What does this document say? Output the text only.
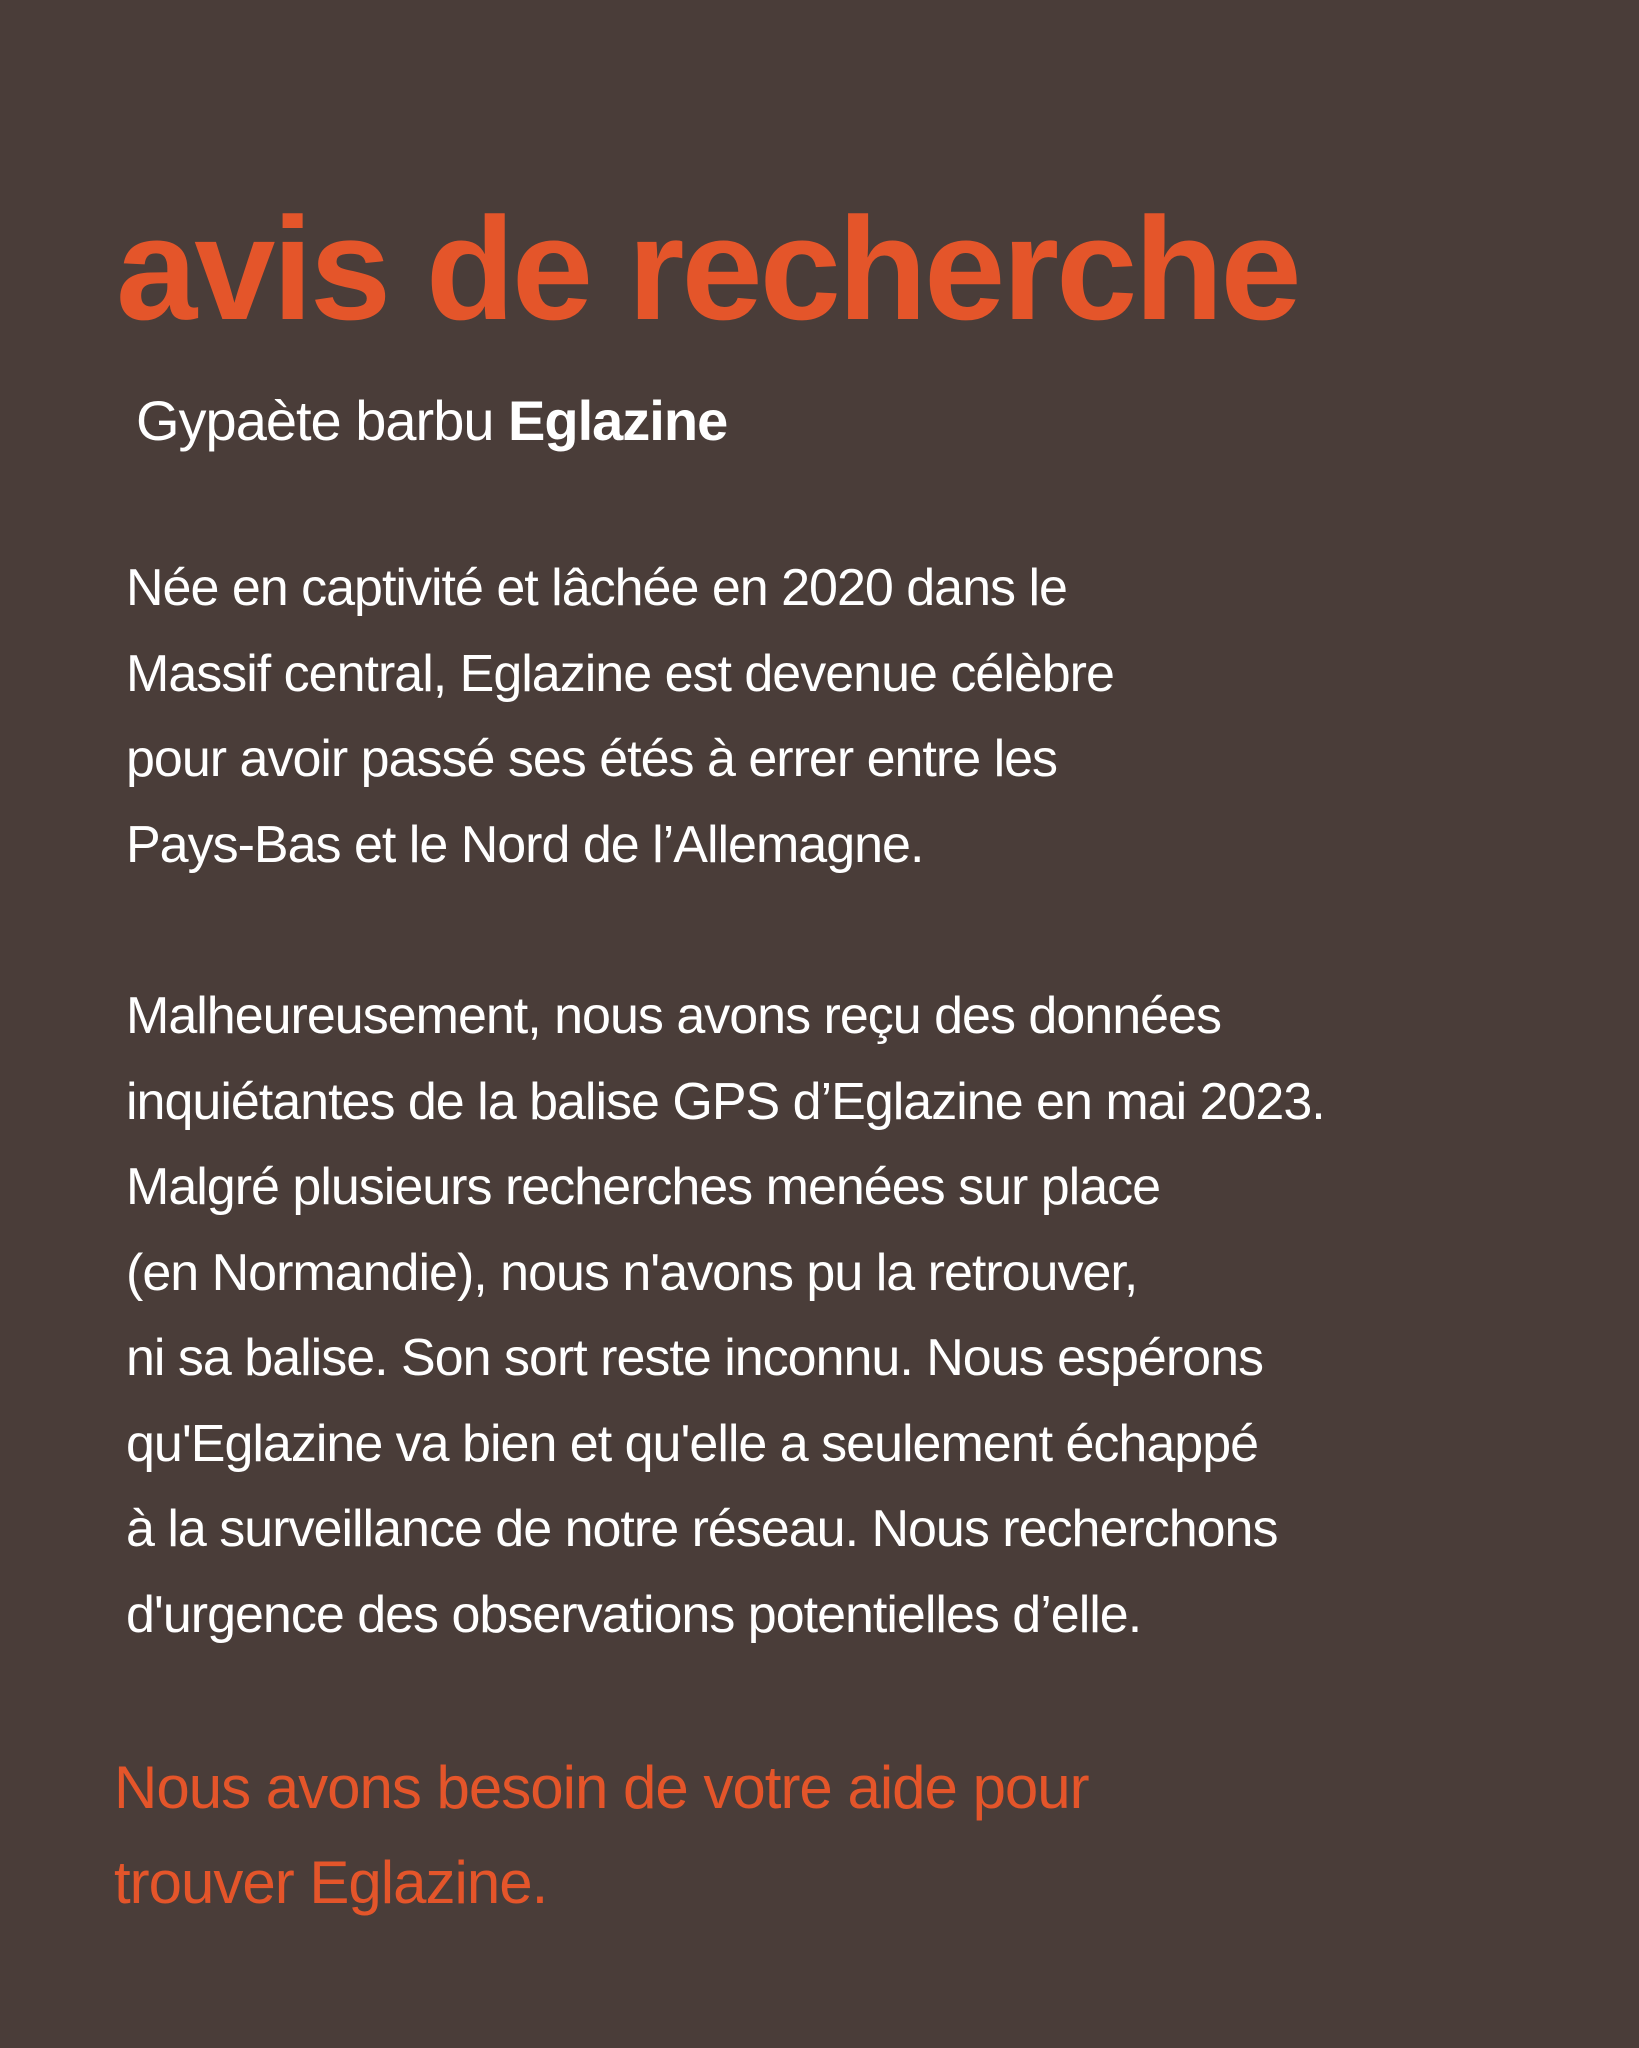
avis de recherche

Gypaète barbu Eglazine

Née en captivité et lâchée en 2020 dans le
Massif central, Eglazine est devenue célèbre
pour avoir passé ses étés à errer entre les
Pays-Bas et le Nord de l’Allemagne.

Malheureusement, nous avons reçu des données
inquiétantes de la balise GPS d’Eglazine en mai 2023.
Malgré plusieurs recherches menées sur place
(en Normandie), nous n'avons pu la retrouver,
ni sa balise. Son sort reste inconnu. Nous espérons
qu'Eglazine va bien et qu'elle a seulement échappé
à la surveillance de notre réseau. Nous recherchons
d'urgence des observations potentielles d’elle.

Nous avons besoin de votre aide pour
trouver Eglazine.
